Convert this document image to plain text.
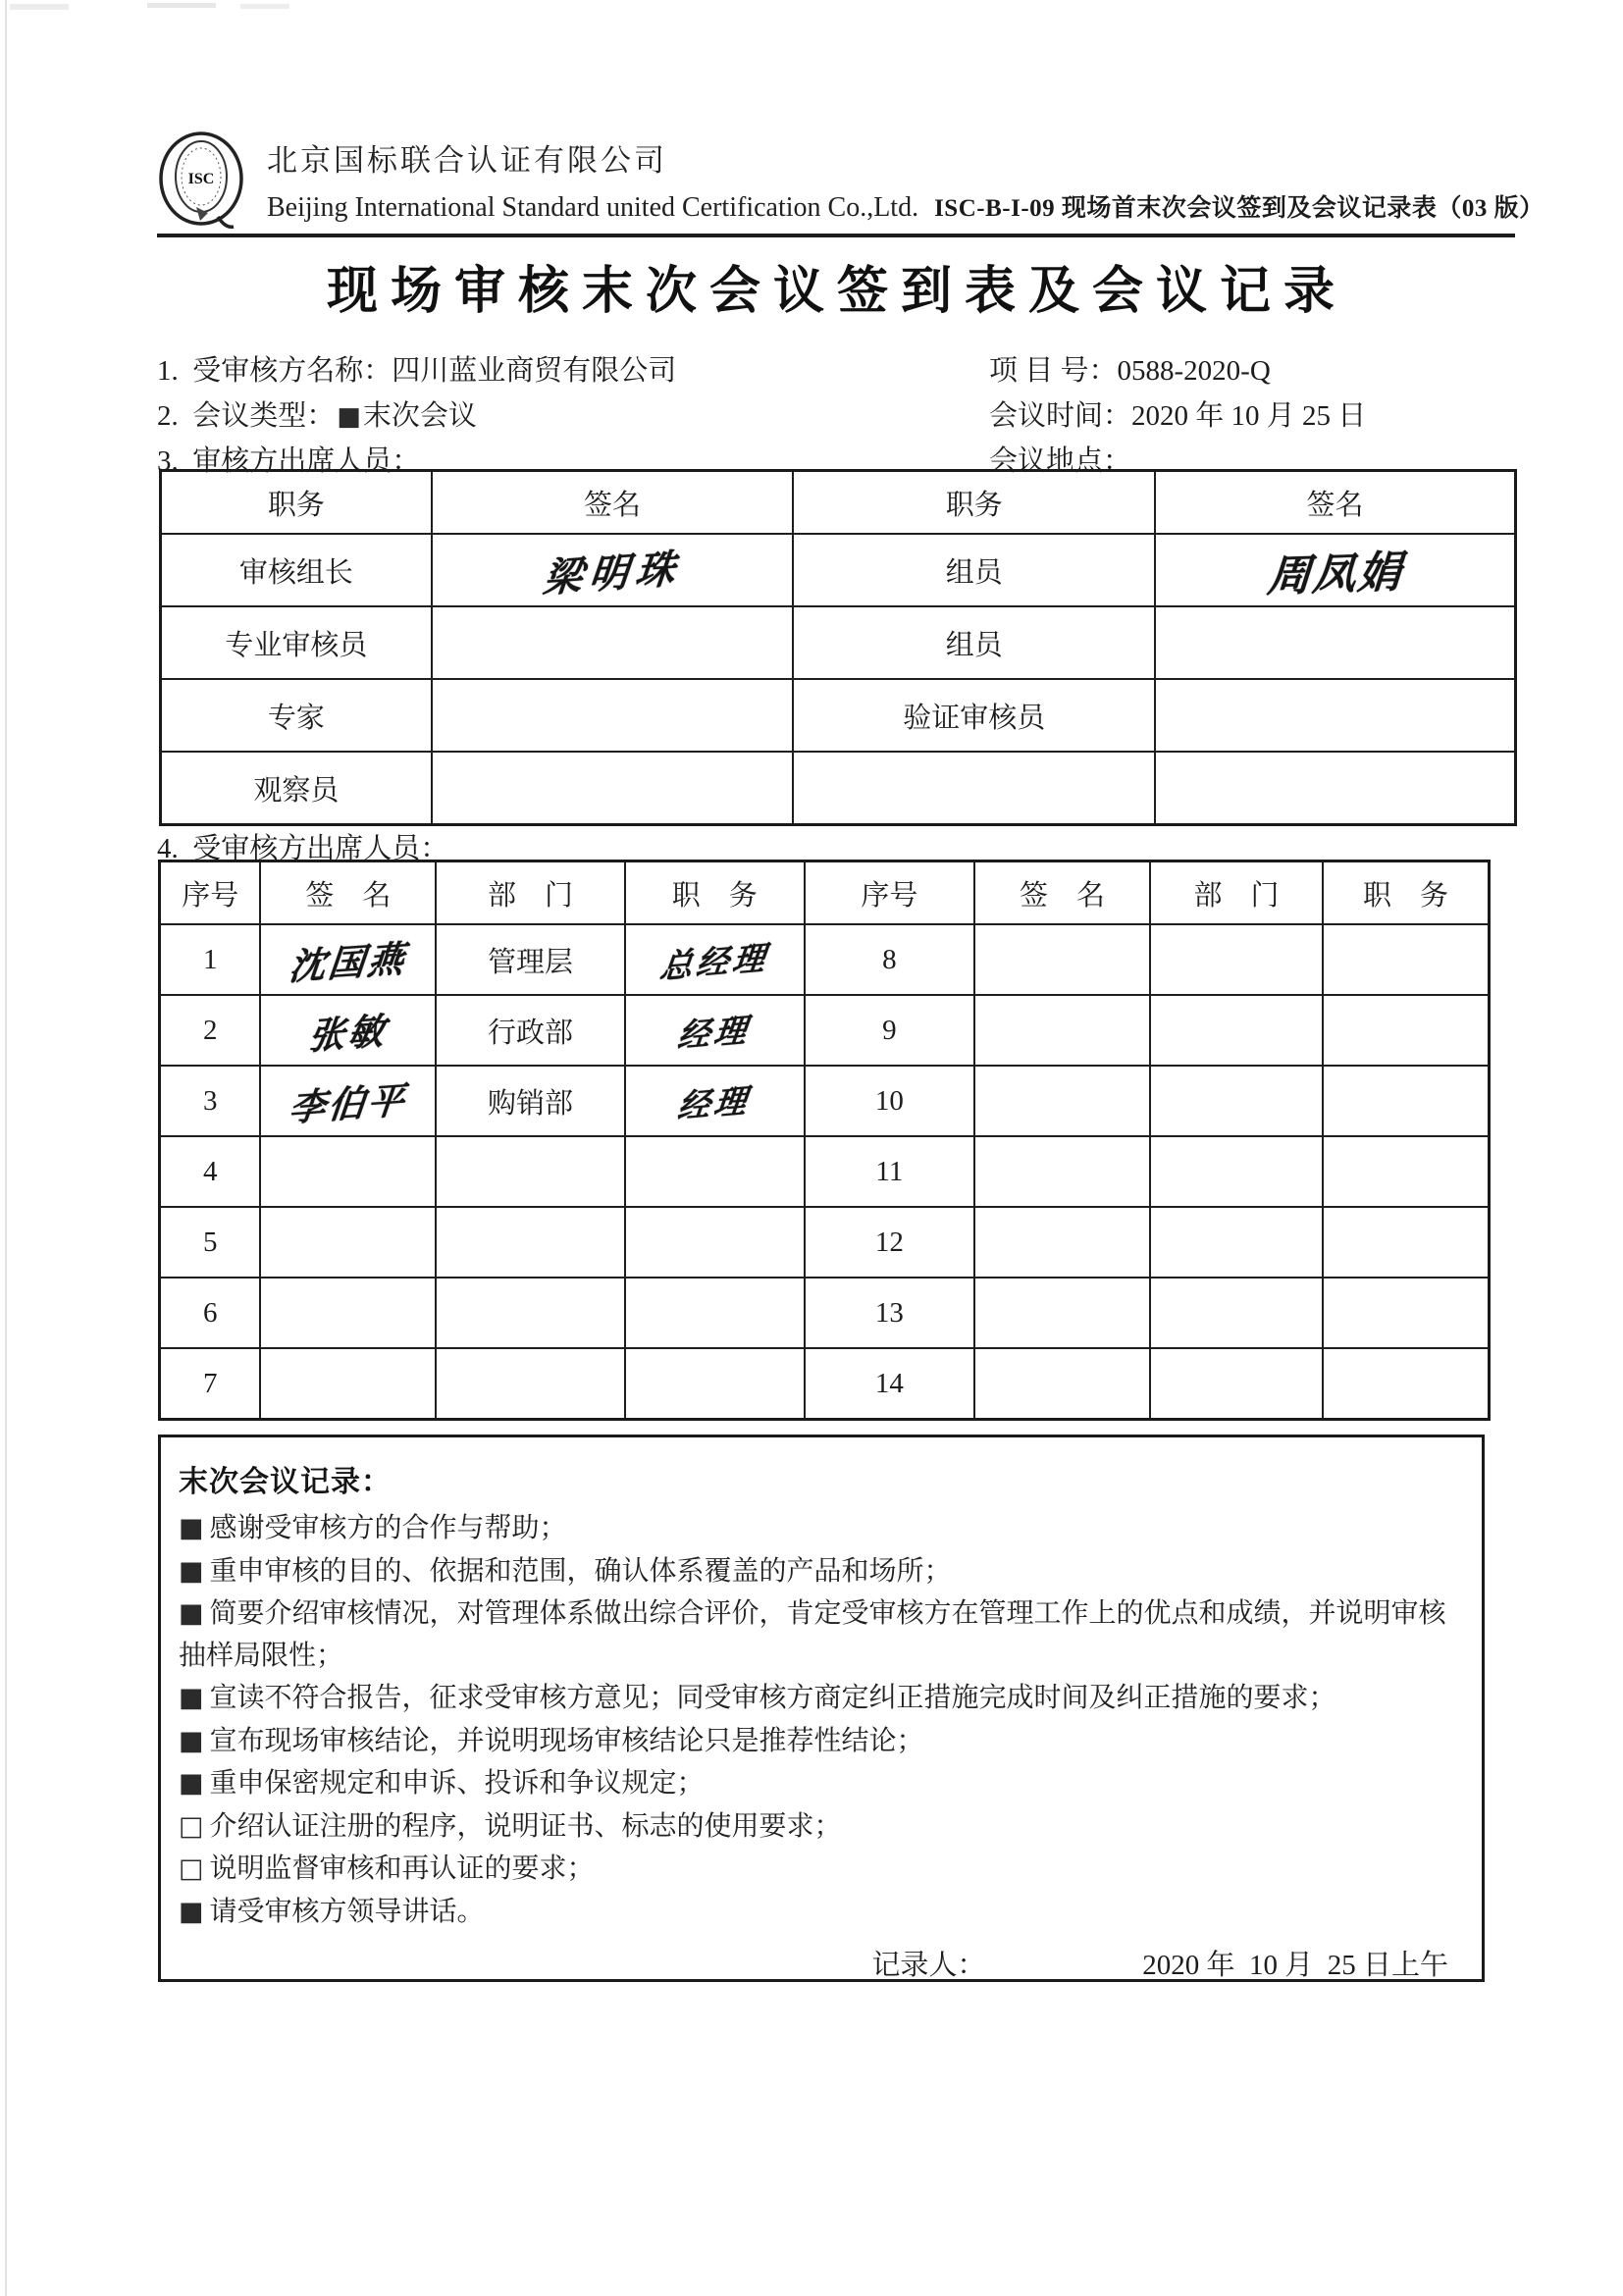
ISC
北京国标联合认证有限公司
Beijing International Standard united Certification Co.,Ltd. ISC-B-I-09 现场首末次会议签到及会议记录表（03 版）
现场审核末次会议签到表及会议记录
1.  受审核方名称：四川蓝业商贸有限公司	项 目 号：0588-2020-Q
2.  会议类型：■末次会议	会议时间：2020 年 10 月 25 日
3.  审核方出席人员：	会议地点：
职务	签名	职务	签名
审核组长	梁明珠	组员	周凤娟
专业审核员		组员	
专家		验证审核员	
观察员			
4.  受审核方出席人员：
序号	签　名	部　门	职　务	序号	签　名	部　门	职　务
1	沈国燕	管理层	总经理	8			
2	张敏	行政部	经理	9			
3	李伯平	购销部	经理	10			
4				11			
5				12			
6				13			
7				14			
末次会议记录：
■ 感谢受审核方的合作与帮助；
■ 重申审核的目的、依据和范围，确认体系覆盖的产品和场所；
■ 简要介绍审核情况，对管理体系做出综合评价，肯定受审核方在管理工作上的优点和成绩，并说明审核抽样局限性；
■ 宣读不符合报告，征求受审核方意见；同受审核方商定纠正措施完成时间及纠正措施的要求；
■ 宣布现场审核结论，并说明现场审核结论只是推荐性结论；
■ 重申保密规定和申诉、投诉和争议规定；
□ 介绍认证注册的程序，说明证书、标志的使用要求；
□ 说明监督审核和再认证的要求；
■ 请受审核方领导讲话。
记录人：	2020 年  10 月  25 日上午
